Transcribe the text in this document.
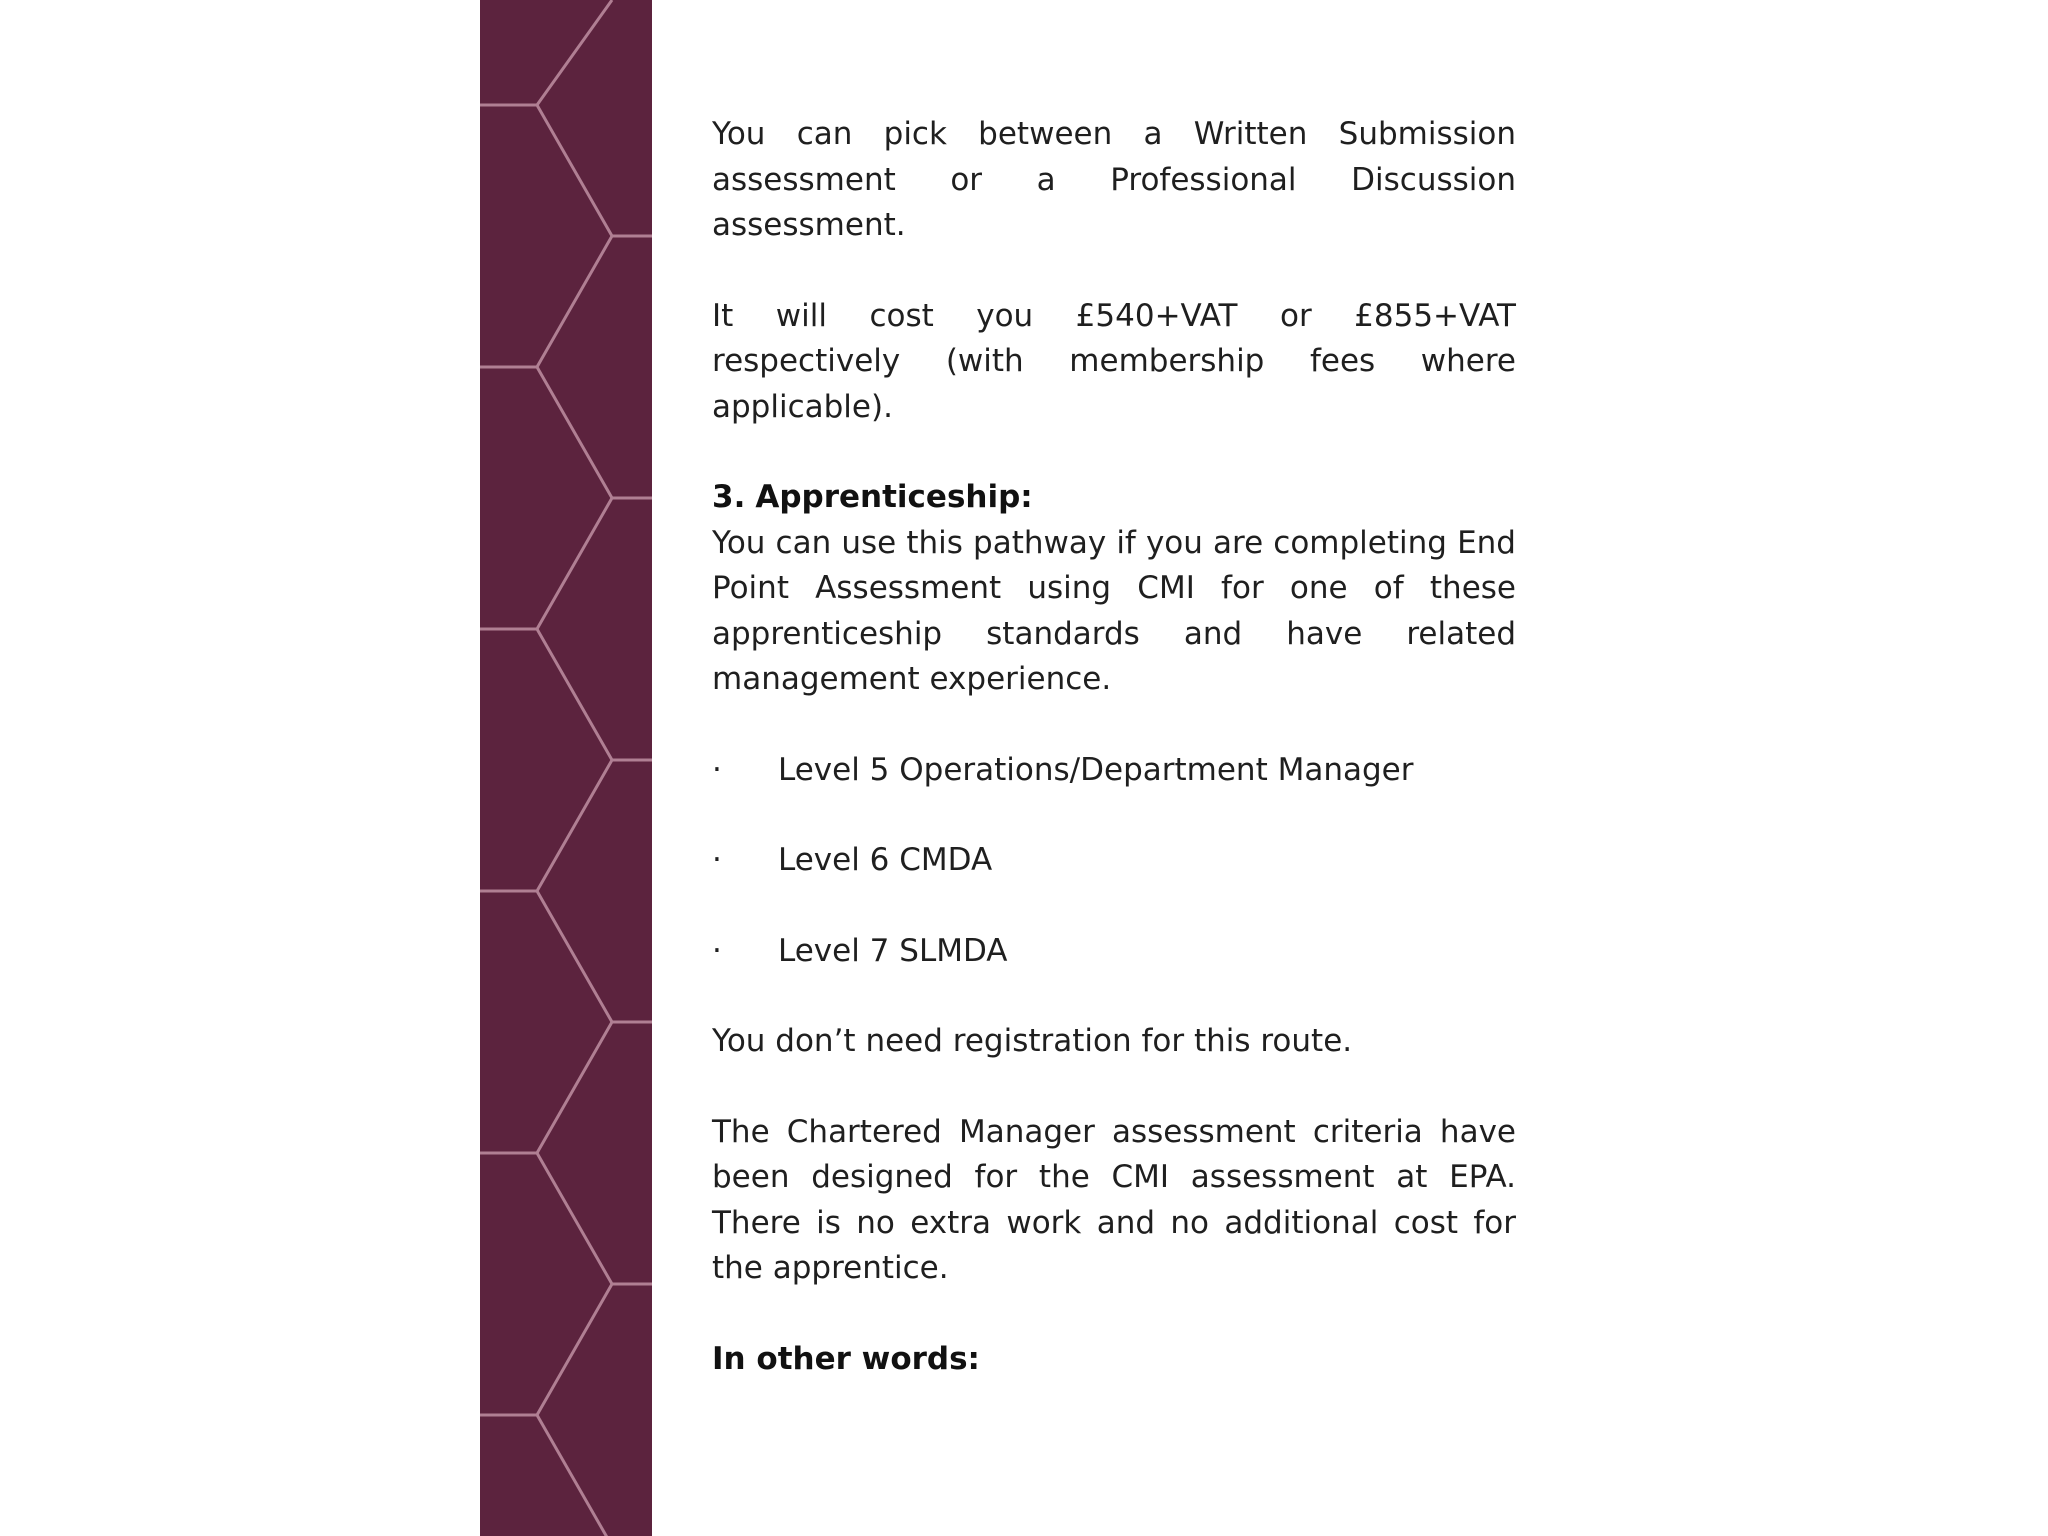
You can pick between a Written Submission assessment or a Professional Discussion assessment.

It will cost you £540+VAT or £855+VAT respectively (with membership fees where applicable).

3. Apprenticeship:

You can use this pathway if you are completing End Point Assessment using CMI for one of these apprenticeship standards and have related management experience.

·	Level 5 Operations/Department Manager
·	Level 6 CMDA
·	Level 7 SLMDA

You don’t need registration for this route.

The Chartered Manager assessment criteria have been designed for the CMI assessment at EPA. There is no extra work and no additional cost for the apprentice.

In other words:
